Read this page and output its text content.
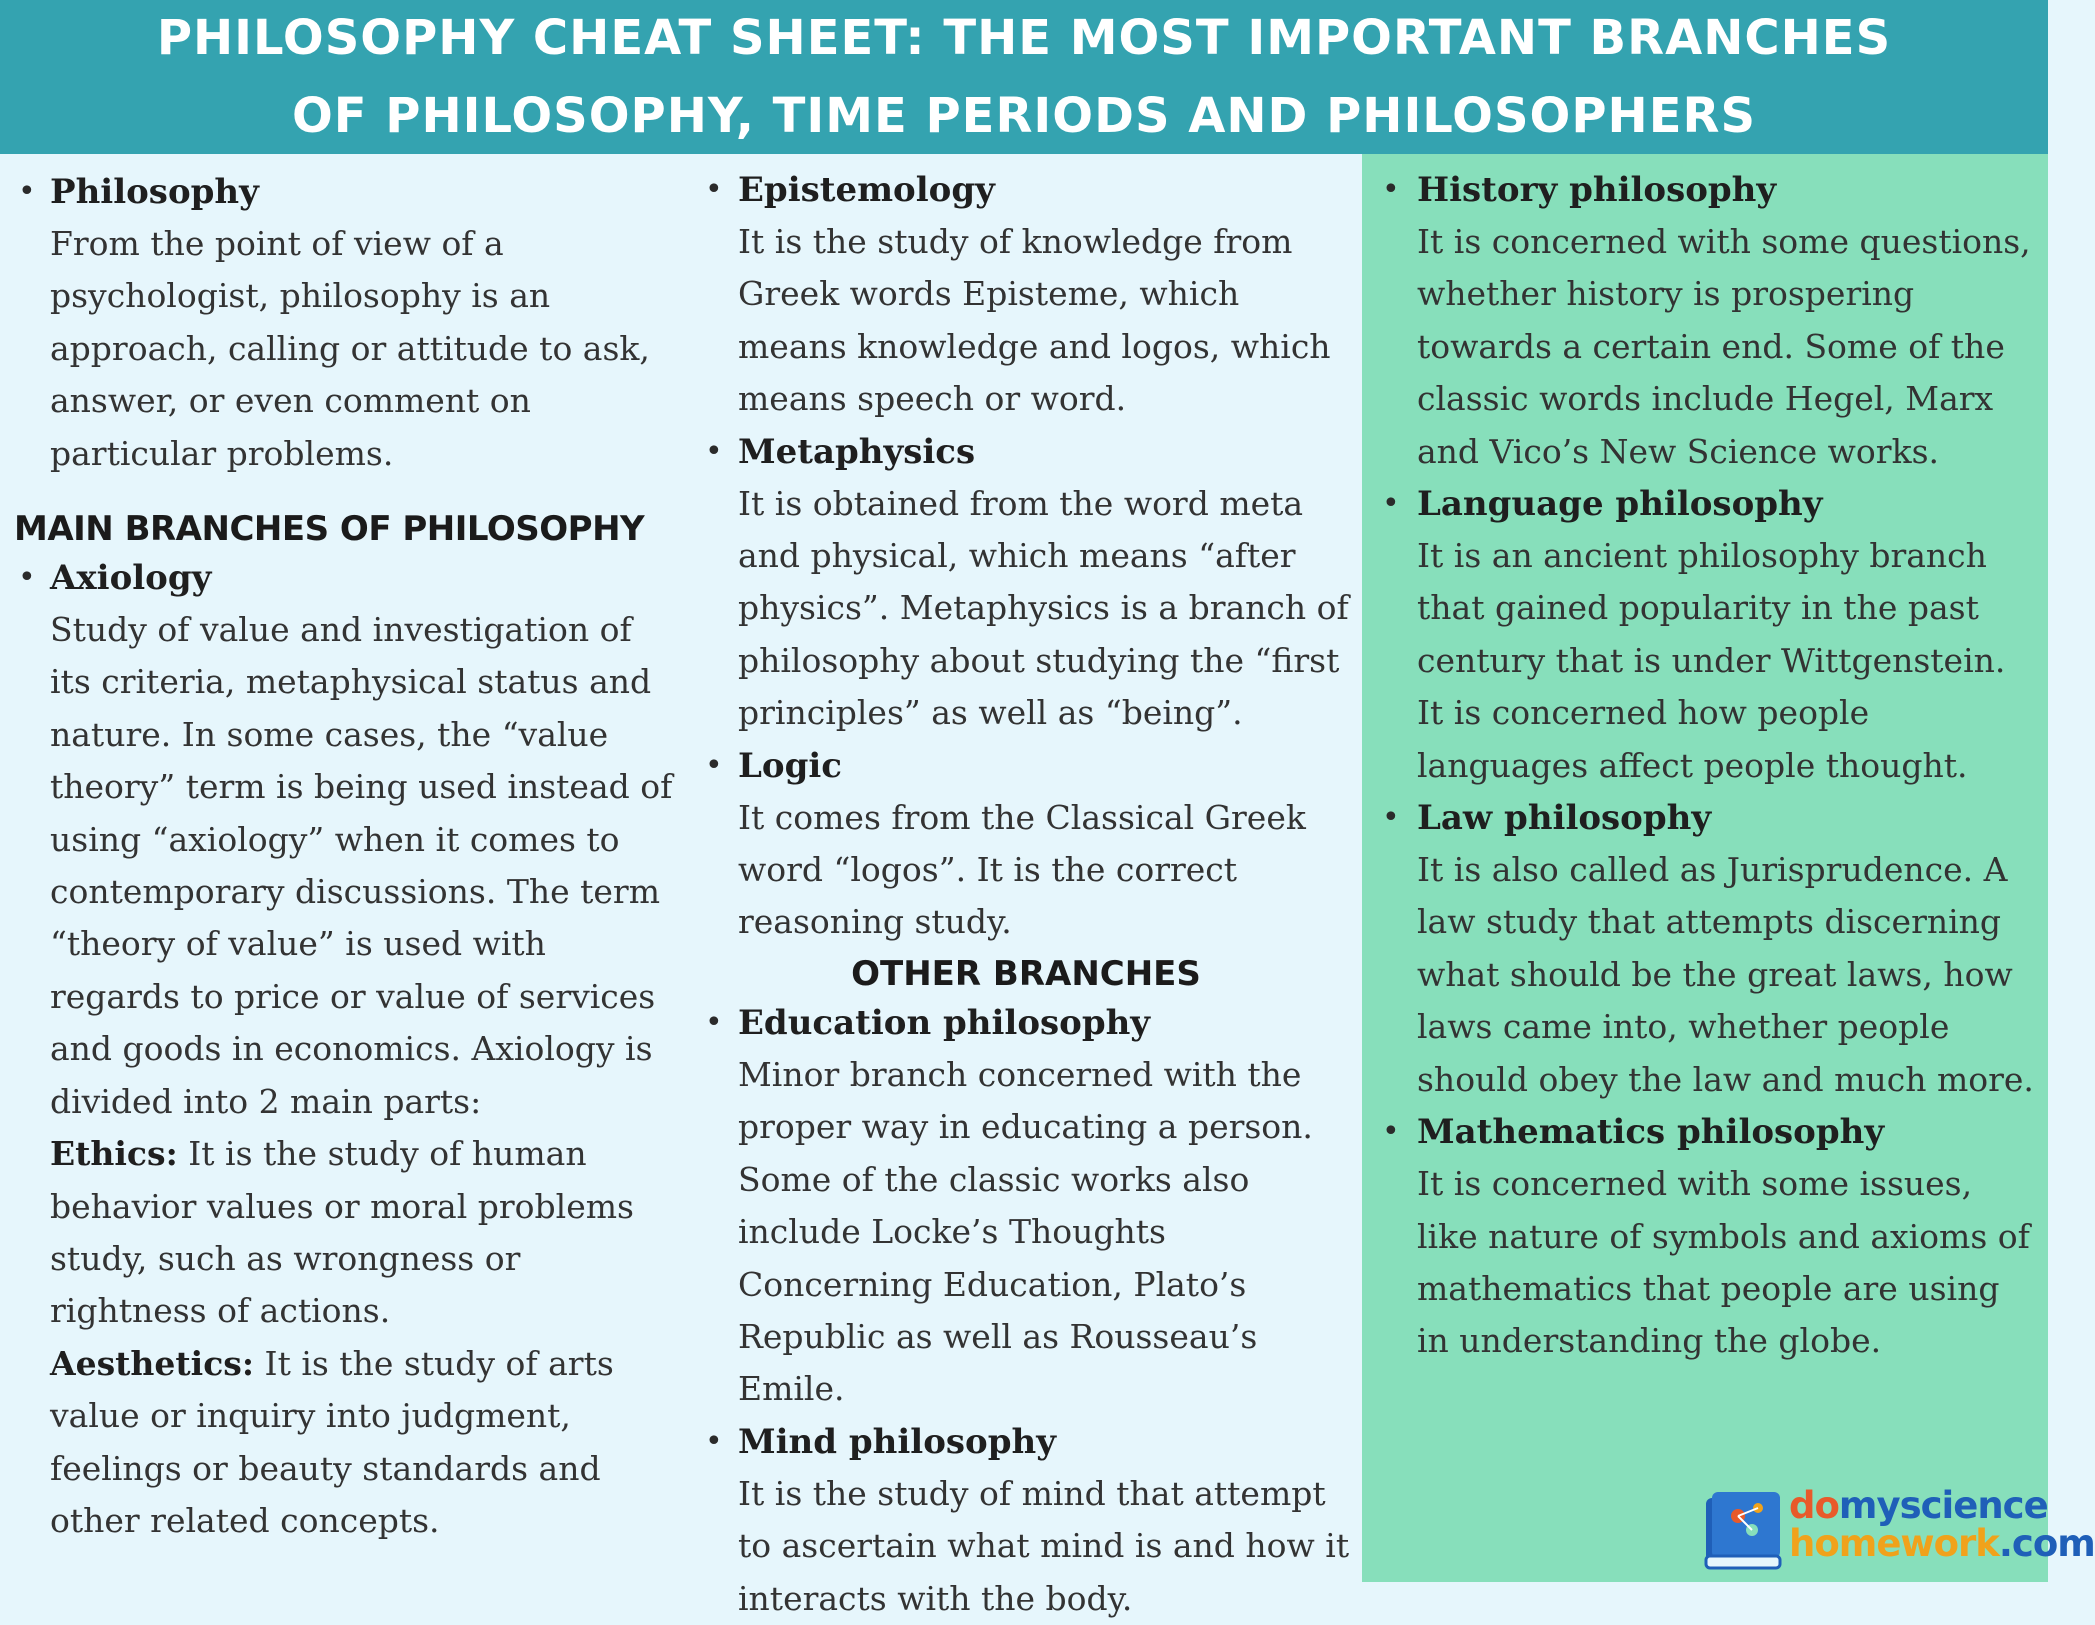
PHILOSOPHY CHEAT SHEET: THE MOST IMPORTANT BRANCHES
OF PHILOSOPHY, TIME PERIODS AND PHILOSOPHERS
• Philosophy
From the point of view of a psychologist, philosophy is an approach, calling or attitude to ask, answer, or even comment on particular problems.
MAIN BRANCHES OF PHILOSOPHY
• Axiology
Study of value and investigation of its criteria, metaphysical status and nature. In some cases, the “value theory” term is being used instead of using “axiology” when it comes to contemporary discussions. The term “theory of value” is used with regards to price or value of services and goods in economics. Axiology is divided into 2 main parts:
Ethics: It is the study of human behavior values or moral problems study, such as wrongness or rightness of actions.
Aesthetics: It is the study of arts value or inquiry into judgment, feelings or beauty standards and other related concepts.
• Epistemology
It is the study of knowledge from Greek words Episteme, which means knowledge and logos, which means speech or word.
• Metaphysics
It is obtained from the word meta and physical, which means “after physics”. Metaphysics is a branch of philosophy about studying the “first principles” as well as “being”.
• Logic
It comes from the Classical Greek word “logos”. It is the correct reasoning study.
OTHER BRANCHES
• Education philosophy
Minor branch concerned with the proper way in educating a person. Some of the classic works also include Locke’s Thoughts Concerning Education, Plato’s Republic as well as Rousseau’s Emile.
• Mind philosophy
It is the study of mind that attempt to ascertain what mind is and how it interacts with the body.
• History philosophy
It is concerned with some questions, whether history is prospering towards a certain end. Some of the classic words include Hegel, Marx and Vico’s New Science works.
• Language philosophy
It is an ancient philosophy branch that gained popularity in the past century that is under Wittgenstein. It is concerned how people languages affect people thought.
• Law philosophy
It is also called as Jurisprudence. A law study that attempts discerning what should be the great laws, how laws came into, whether people should obey the law and much more.
• Mathematics philosophy
It is concerned with some issues, like nature of symbols and axioms of mathematics that people are using in understanding the globe.
domyscience
homework.com
